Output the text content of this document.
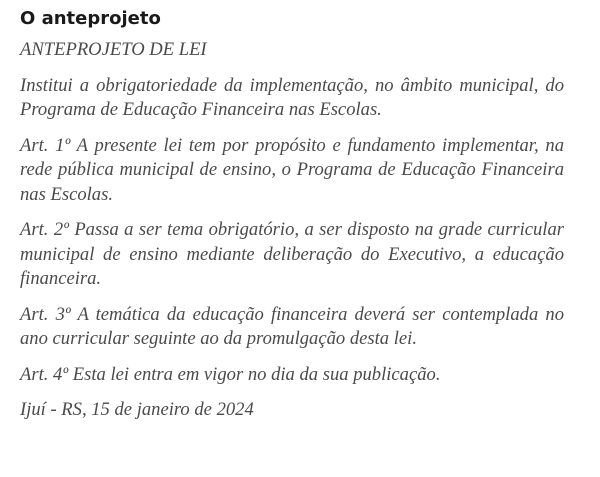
O anteprojeto

ANTEPROJETO DE LEI

Institui a obrigatoriedade da implementação, no âmbito municipal, do Programa de Educação Financeira nas Escolas.

Art. 1º A presente lei tem por propósito e fundamento implementar, na rede pública municipal de ensino, o Programa de Educação Financeira nas Escolas.

Art. 2º Passa a ser tema obrigatório, a ser disposto na grade curricular municipal de ensino mediante deliberação do Executivo, a educação financeira.

Art. 3º A temática da educação financeira deverá ser contemplada no ano curricular seguinte ao da promulgação desta lei.

Art. 4º Esta lei entra em vigor no dia da sua publicação.

Ijuí - RS, 15 de janeiro de 2024
